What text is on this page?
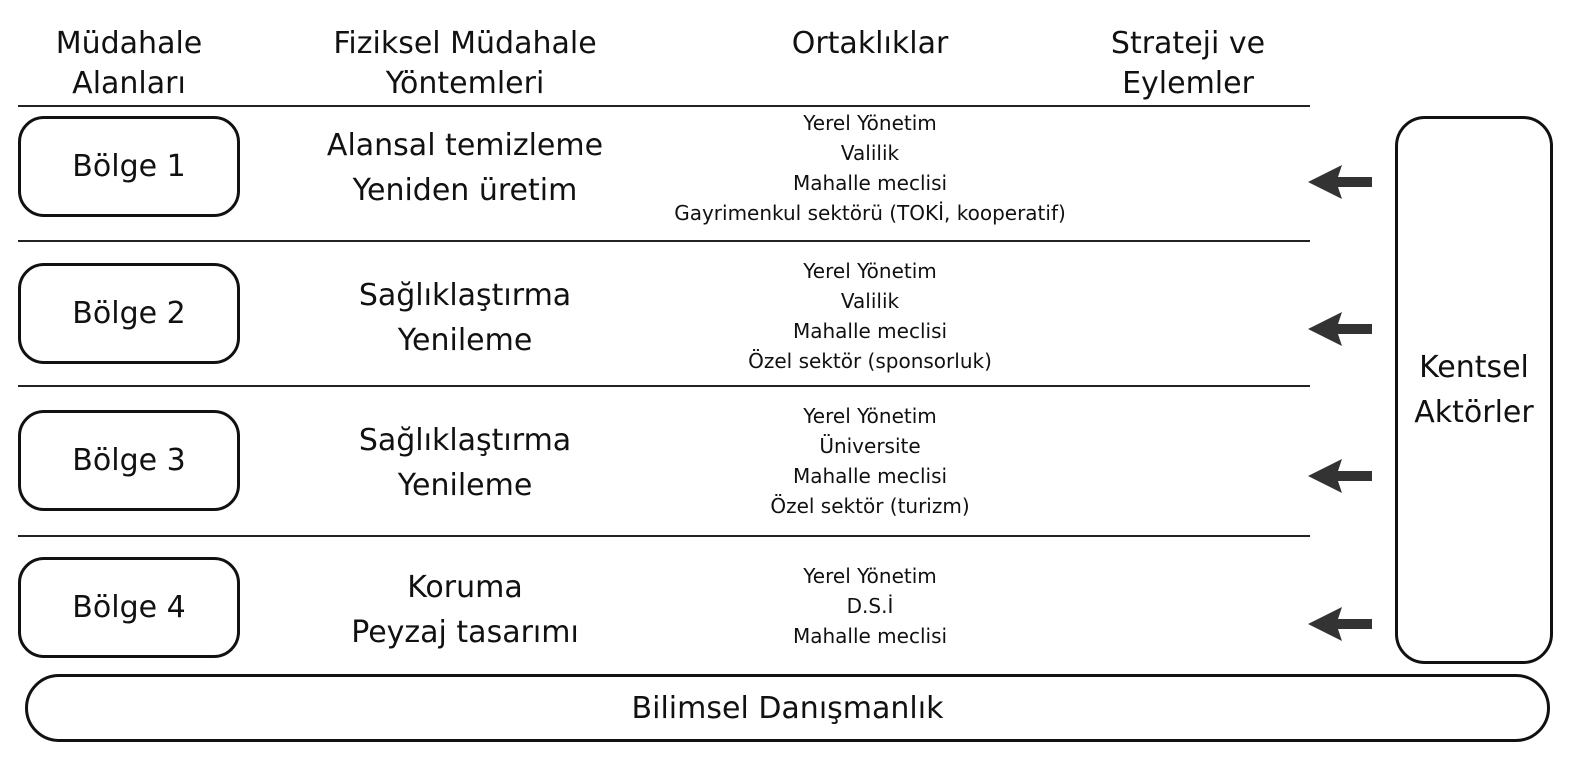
Müdahale
Alanları
Fiziksel Müdahale
Yöntemleri
Ortaklıklar	Strateji ve
Eylemler
Bölge 1
Alansal temizleme
Yeniden üretim
Yerel Yönetim
Valilik
Mahalle meclisi
Gayrimenkul sektörü (TOKİ, kooperatif)
Bölge 2
Sağlıklaştırma
Yenileme
Yerel Yönetim
Valilik
Mahalle meclisi
Özel sektör (sponsorluk)
Bölge 3
Sağlıklaştırma
Yenileme
Yerel Yönetim
Üniversite
Mahalle meclisi
Özel sektör (turizm)
Bölge 4
Koruma
Peyzaj tasarımı
Yerel Yönetim
D.S.İ
Mahalle meclisi
Kentsel
Aktörler
Bilimsel Danışmanlık
